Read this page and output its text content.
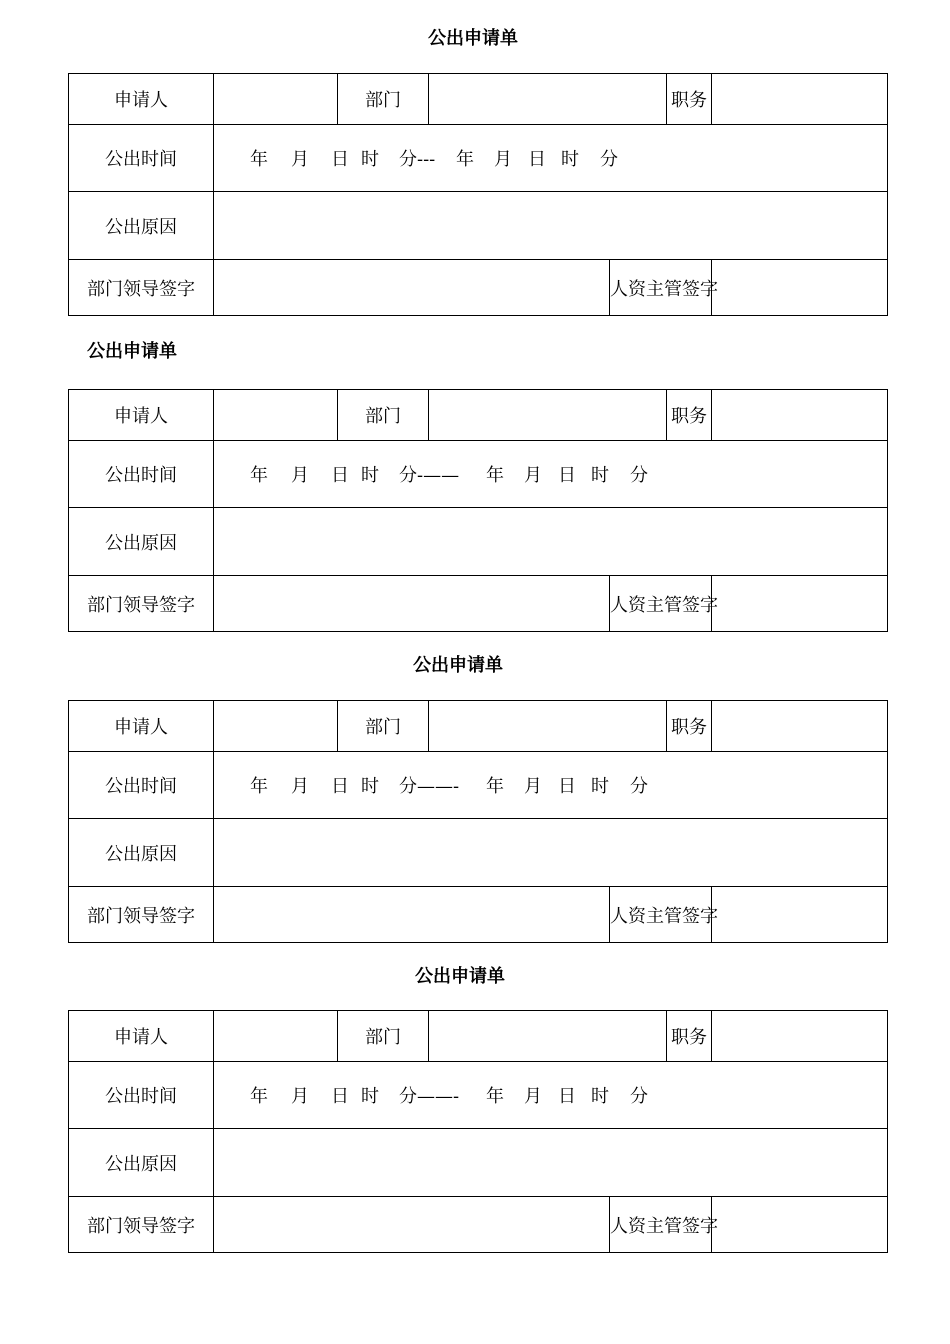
公出申请单
申请人		部门			职务	
公出时间	年 月 日 时 分--- 年 月 日 时 分					
公出原因						
部门领导签字				人资主管签字		
公出申请单
申请人		部门			职务	
公出时间	年 月 日 时 分-—— 年 月 日 时 分					
公出原因						
部门领导签字				人资主管签字		
公出申请单
申请人		部门			职务	
公出时间	年 月 日 时 分——- 年 月 日 时 分					
公出原因						
部门领导签字				人资主管签字		
公出申请单
申请人		部门			职务	
公出时间	年 月 日 时 分——- 年 月 日 时 分					
公出原因						
部门领导签字				人资主管签字		
